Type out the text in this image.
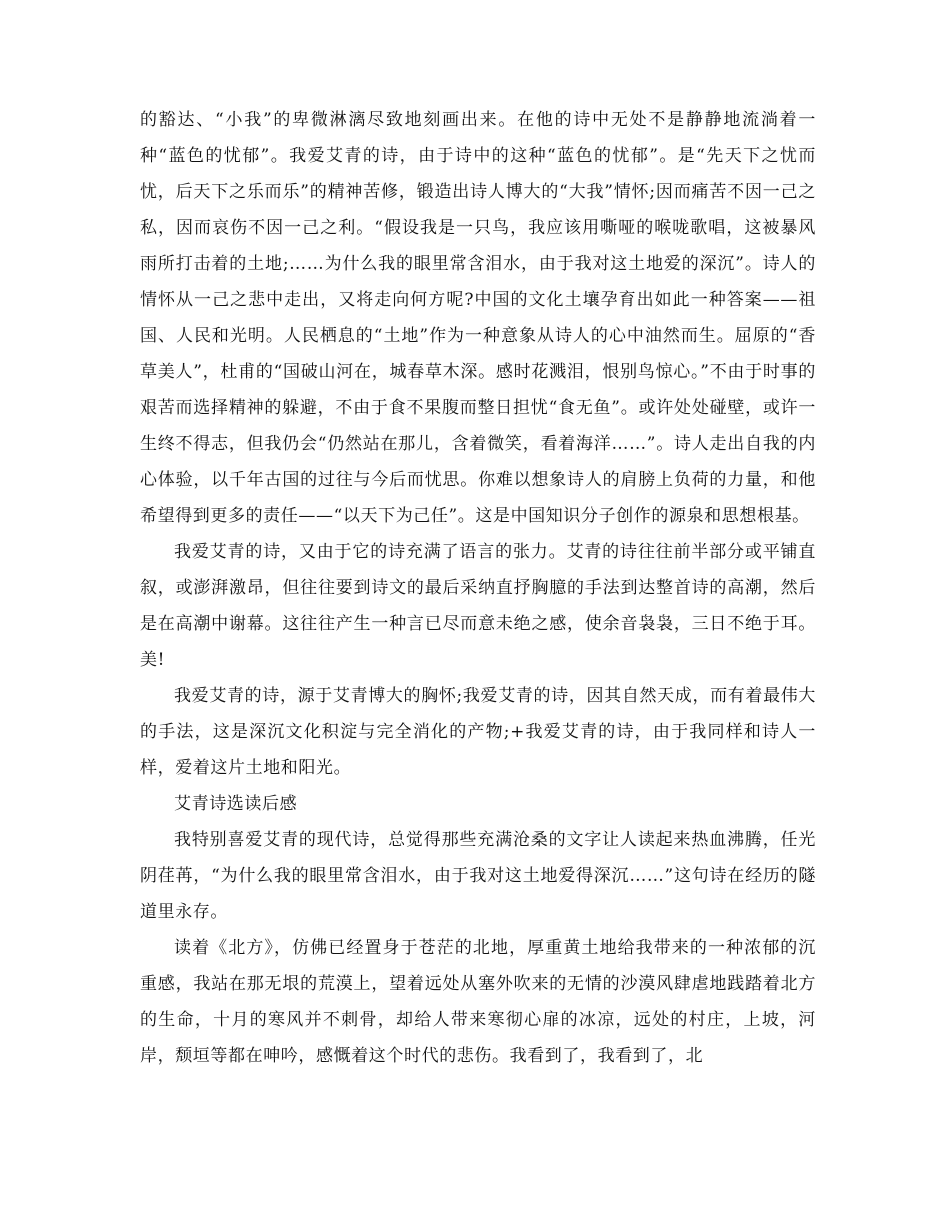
的豁达、“小我”的卑微淋漓尽致地刻画出来。在他的诗中无处不是静静地流淌着一种“蓝色的忧郁”。我爱艾青的诗，由于诗中的这种“蓝色的忧郁”。是“先天下之忧而忧，后天下之乐而乐”的精神苦修，锻造出诗人博大的“大我”情怀;因而痛苦不因一己之私，因而哀伤不因一己之利。“假设我是一只鸟，我应该用嘶哑的喉咙歌唱，这被暴风雨所打击着的土地;……为什么我的眼里常含泪水，由于我对这土地爱的深沉”。诗人的情怀从一己之悲中走出，又将走向何方呢?中国的文化土壤孕育出如此一种答案——祖国、人民和光明。人民栖息的“土地”作为一种意象从诗人的心中油然而生。屈原的“香草美人”，杜甫的“国破山河在，城春草木深。感时花溅泪，恨别鸟惊心。”不由于时事的艰苦而选择精神的躲避，不由于食不果腹而整日担忧“食无鱼”。或许处处碰壁，或许一生终不得志，但我仍会“仍然站在那儿，含着微笑，看着海洋……”。诗人走出自我的内心体验，以千年古国的过往与今后而忧思。你难以想象诗人的肩膀上负荷的力量，和他希望得到更多的责任——“以天下为己任”。这是中国知识分子创作的源泉和思想根基。

我爱艾青的诗，又由于它的诗充满了语言的张力。艾青的诗往往前半部分或平铺直叙，或澎湃激昂，但往往要到诗文的最后采纳直抒胸臆的手法到达整首诗的高潮，然后是在高潮中谢幕。这往往产生一种言已尽而意未绝之感，使余音袅袅，三日不绝于耳。美!

我爱艾青的诗，源于艾青博大的胸怀;我爱艾青的诗，因其自然天成，而有着最伟大的手法，这是深沉文化积淀与完全消化的产物;+我爱艾青的诗，由于我同样和诗人一样，爱着这片土地和阳光。

艾青诗选读后感

我特别喜爱艾青的现代诗，总觉得那些充满沧桑的文字让人读起来热血沸腾，任光阴荏苒，“为什么我的眼里常含泪水，由于我对这土地爱得深沉……”这句诗在经历的隧道里永存。

读着《北方》，仿佛已经置身于苍茫的北地，厚重黄土地给我带来的一种浓郁的沉重感，我站在那无垠的荒漠上，望着远处从塞外吹来的无情的沙漠风肆虐地践踏着北方的生命，十月的寒风并不刺骨，却给人带来寒彻心扉的冰凉，远处的村庄，上坡，河岸，颓垣等都在呻吟，感慨着这个时代的悲伤。我看到了，我看到了，北
